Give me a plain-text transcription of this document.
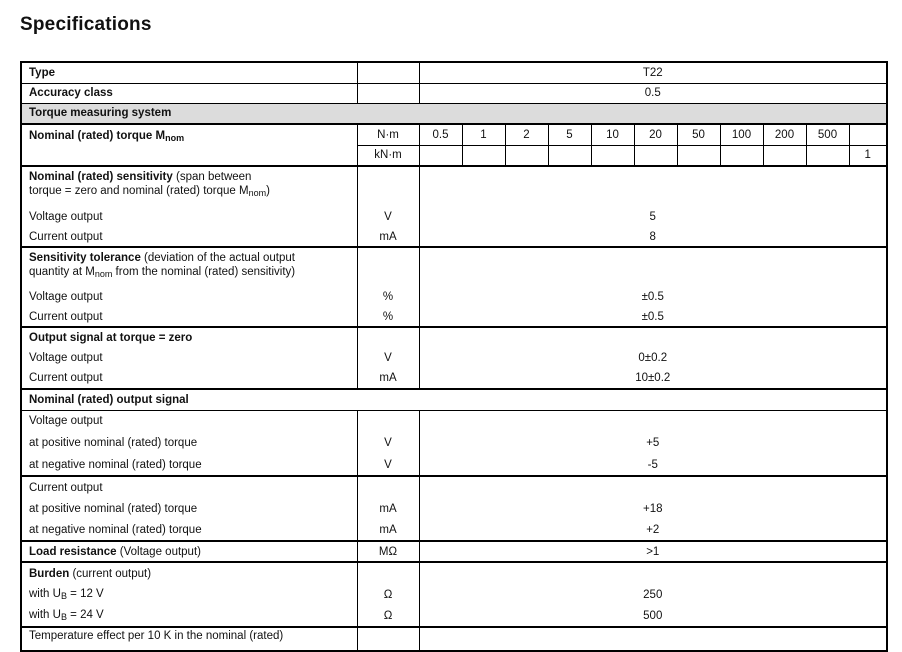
Specifications
Type		T22										
Accuracy class		0.5										
Torque measuring system												
Nominal (rated) torque $M_{nom}$	N·m	0.5	1	2	5	10	20	50	100	200	500	
	kN·m											1

Nominal (rated) sensitivity (span between
torque = zero and nominal (rated) torque $M_{nom}$)												

Voltage output	V	5										
Current output	mA	8										

Sensitivity tolerance (deviation of the actual output
quantity at $M_{nom}$ from the nominal (rated) sensitivity)												

Voltage output	%	±0.5										
Current output	%	±0.5										
Output signal at torque = zero												
Voltage output	V	0±0.2										
Current output	mA	10±0.2										
Nominal (rated) output signal												
Voltage output												
at positive nominal (rated) torque	V	+5										
at negative nominal (rated) torque	V	-5										
Current output												
at positive nominal (rated) torque	mA	+18										
at negative nominal (rated) torque	mA	+2										
Load resistance (Voltage output)	MΩ	>1										
Burden (current output)												
with $U_B = 12$ V	Ω	250										
with $U_B = 24$ V	Ω	500										
Temperature effect per 10 K in the nominal (rated)												
